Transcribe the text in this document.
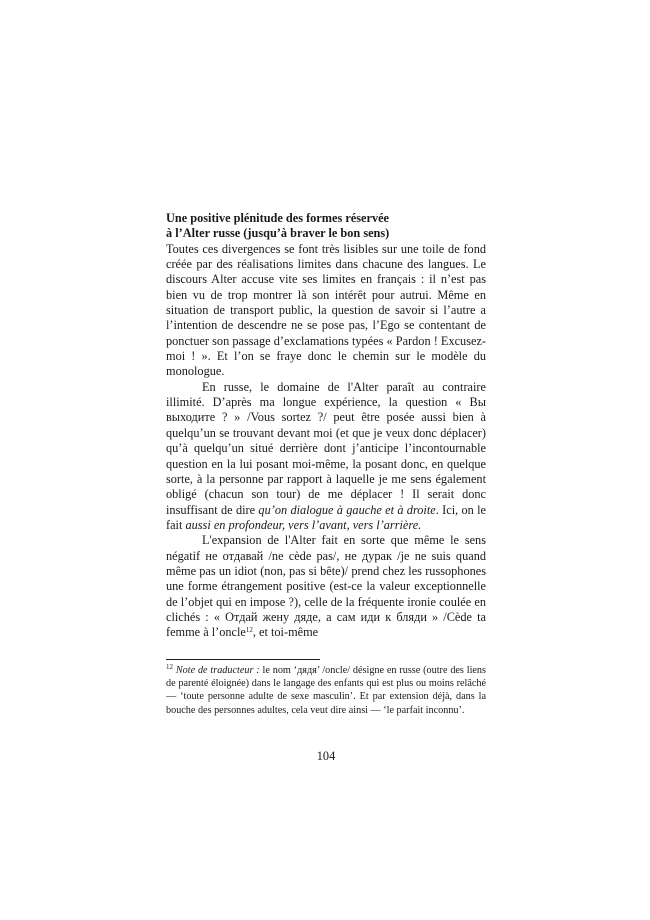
Une positive plénitude des formes réservée
à l’Alter russe (jusqu’à braver le bon sens)

Toutes ces divergences se font très lisibles sur une toile de fond créée par des réalisations limites dans chacune des langues. Le discours Alter accuse vite ses limites en français : il n’est pas bien vu de trop montrer là son intérêt pour autrui. Même en situation de transport public, la question de savoir si l’autre a l’intention de descendre ne se pose pas, l’Ego se contentant de ponctuer son passage d’exclamations typées « Pardon ! Excusez-moi ! ». Et l’on se fraye donc le chemin sur le modèle du monologue.

En russe, le domaine de l'Alter paraît au contraire illimité. D’après ma longue expérience, la question « Вы выходите ? » /Vous sortez ?/ peut être posée aussi bien à quelqu’un se trouvant devant moi (et que je veux donc déplacer) qu’à quelqu’un situé derrière dont j’anticipe l’incontournable question en la lui posant moi-même, la posant donc, en quelque sorte, à la personne par rapport à laquelle je me sens également obligé (chacun son tour) de me déplacer ! Il serait donc insuffisant de dire qu’on dialogue à gauche et à droite. Ici, on le fait aussi en profondeur, vers l’avant, vers l’arrière.

L'expansion de l'Alter fait en sorte que même le sens négatif не отдавай /ne cède pas/, не дурак /je ne suis quand même pas un idiot (non, pas si bête)/ prend chez les russophones une forme étrangement positive (est-ce la valeur exceptionnelle de l’objet qui en impose ?), celle de la fréquente ironie coulée en clichés : « Отдай жену дяде, а сам иди к бляди » /Cède ta femme à l’oncle$^{12}$, et toi-même

$^{12}$ Note de traducteur : le nom ‘дядя’ /oncle/ désigne en russe (outre des liens de parenté éloignée) dans le langage des enfants qui est plus ou moins relâché — ‘toute personne adulte de sexe masculin’. Et par extension déjà, dans la bouche des personnes adultes, cela veut dire ainsi — ‘le parfait inconnu’.

104
